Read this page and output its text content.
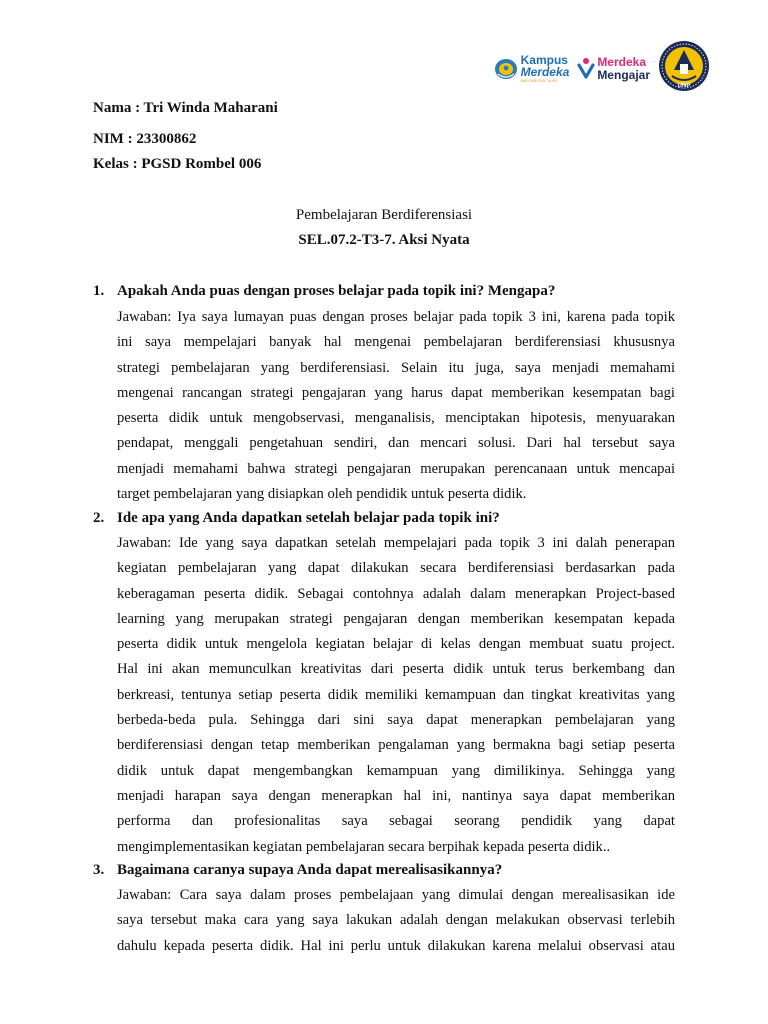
Kampus
Merdeka
INDONESIA JAYA
Merdeka
Mengajar
UNP
Nama : Tri Winda Maharani
NIM : 23300862
Kelas : PGSD Rombel 006
Pembelajaran Berdiferensiasi
SEL.07.2-T3-7. Aksi Nyata
1. Apakah Anda puas dengan proses belajar pada topik ini? Mengapa?
Jawaban: Iya saya lumayan puas dengan proses belajar pada topik 3 ini, karena pada topik
ini saya mempelajari banyak hal mengenai pembelajaran berdiferensiasi khususnya
strategi pembelajaran yang berdiferensiasi. Selain itu juga, saya menjadi memahami
mengenai rancangan strategi pengajaran yang harus dapat memberikan kesempatan bagi
peserta didik untuk mengobservasi, menganalisis, menciptakan hipotesis, menyuarakan
pendapat, menggali pengetahuan sendiri, dan mencari solusi. Dari hal tersebut saya
menjadi memahami bahwa strategi pengajaran merupakan perencanaan untuk mencapai
target pembelajaran yang disiapkan oleh pendidik untuk peserta didik.
2. Ide apa yang Anda dapatkan setelah belajar pada topik ini?
Jawaban: Ide yang saya dapatkan setelah mempelajari pada topik 3 ini dalah penerapan
kegiatan pembelajaran yang dapat dilakukan secara berdiferensiasi berdasarkan pada
keberagaman peserta didik. Sebagai contohnya adalah dalam menerapkan Project-based
learning yang merupakan strategi pengajaran dengan memberikan kesempatan kepada
peserta didik untuk mengelola kegiatan belajar di kelas dengan membuat suatu project.
Hal ini akan memunculkan kreativitas dari peserta didik untuk terus berkembang dan
berkreasi, tentunya setiap peserta didik memiliki kemampuan dan tingkat kreativitas yang
berbeda-beda pula. Sehingga dari sini saya dapat menerapkan pembelajaran yang
berdiferensiasi dengan tetap memberikan pengalaman yang bermakna bagi setiap peserta
didik untuk dapat mengembangkan kemampuan yang dimilikinya. Sehingga yang
menjadi harapan saya dengan menerapkan hal ini, nantinya saya dapat memberikan
performa dan profesionalitas saya sebagai seorang pendidik yang dapat
mengimplementasikan kegiatan pembelajaran secara berpihak kepada peserta didik..
3. Bagaimana caranya supaya Anda dapat merealisasikannya?
Jawaban: Cara saya dalam proses pembelajaan yang dimulai dengan merealisasikan ide
saya tersebut maka cara yang saya lakukan adalah dengan melakukan observasi terlebih
dahulu kepada peserta didik. Hal ini perlu untuk dilakukan karena melalui observasi atau
